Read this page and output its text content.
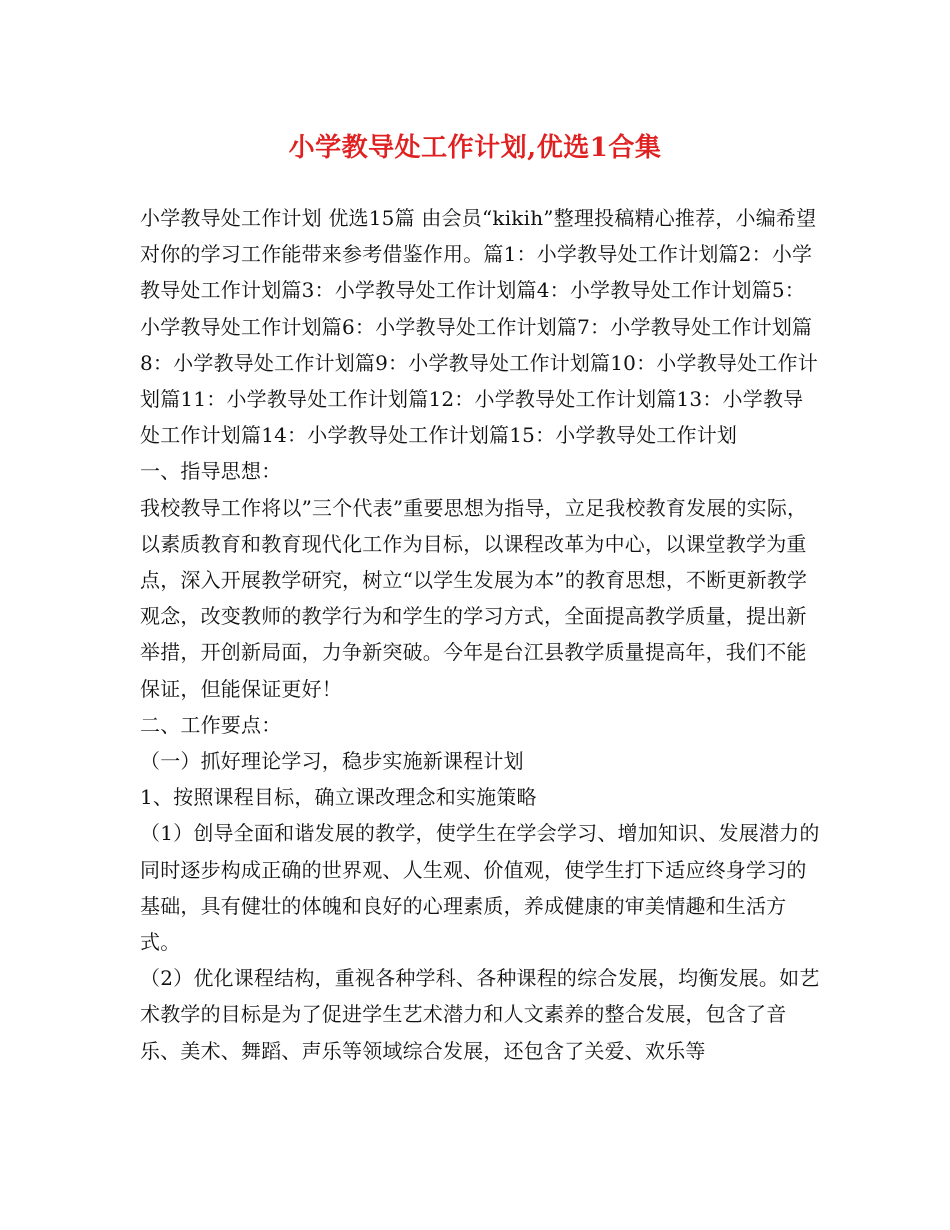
小学教导处工作计划,优选1合集

小学教导处工作计划 优选15篇 由会员“kikih”整理投稿精心推荐，小编希望对你的学习工作能带来参考借鉴作用。篇1：小学教导处工作计划篇2：小学教导处工作计划篇3：小学教导处工作计划篇4：小学教导处工作计划篇5：小学教导处工作计划篇6：小学教导处工作计划篇7：小学教导处工作计划篇8：小学教导处工作计划篇9：小学教导处工作计划篇10：小学教导处工作计划篇11：小学教导处工作计划篇12：小学教导处工作计划篇13：小学教导处工作计划篇14：小学教导处工作计划篇15：小学教导处工作计划

一、指导思想：

我校教导工作将以”三个代表”重要思想为指导，立足我校教育发展的实际，以素质教育和教育现代化工作为目标，以课程改革为中心，以课堂教学为重点，深入开展教学研究，树立“以学生发展为本”的教育思想，不断更新教学观念，改变教师的教学行为和学生的学习方式，全面提高教学质量，提出新举措，开创新局面，力争新突破。今年是台江县教学质量提高年，我们不能保证，但能保证更好！

二、工作要点：

（一）抓好理论学习，稳步实施新课程计划

1、按照课程目标，确立课改理念和实施策略

（1）创导全面和谐发展的教学，使学生在学会学习、增加知识、发展潜力的同时逐步构成正确的世界观、人生观、价值观，使学生打下适应终身学习的基础，具有健壮的体魄和良好的心理素质，养成健康的审美情趣和生活方式。

（2）优化课程结构，重视各种学科、各种课程的综合发展，均衡发展。如艺术教学的目标是为了促进学生艺术潜力和人文素养的整合发展，包含了音乐、美术、舞蹈、声乐等领域综合发展，还包含了关爱、欢乐等
